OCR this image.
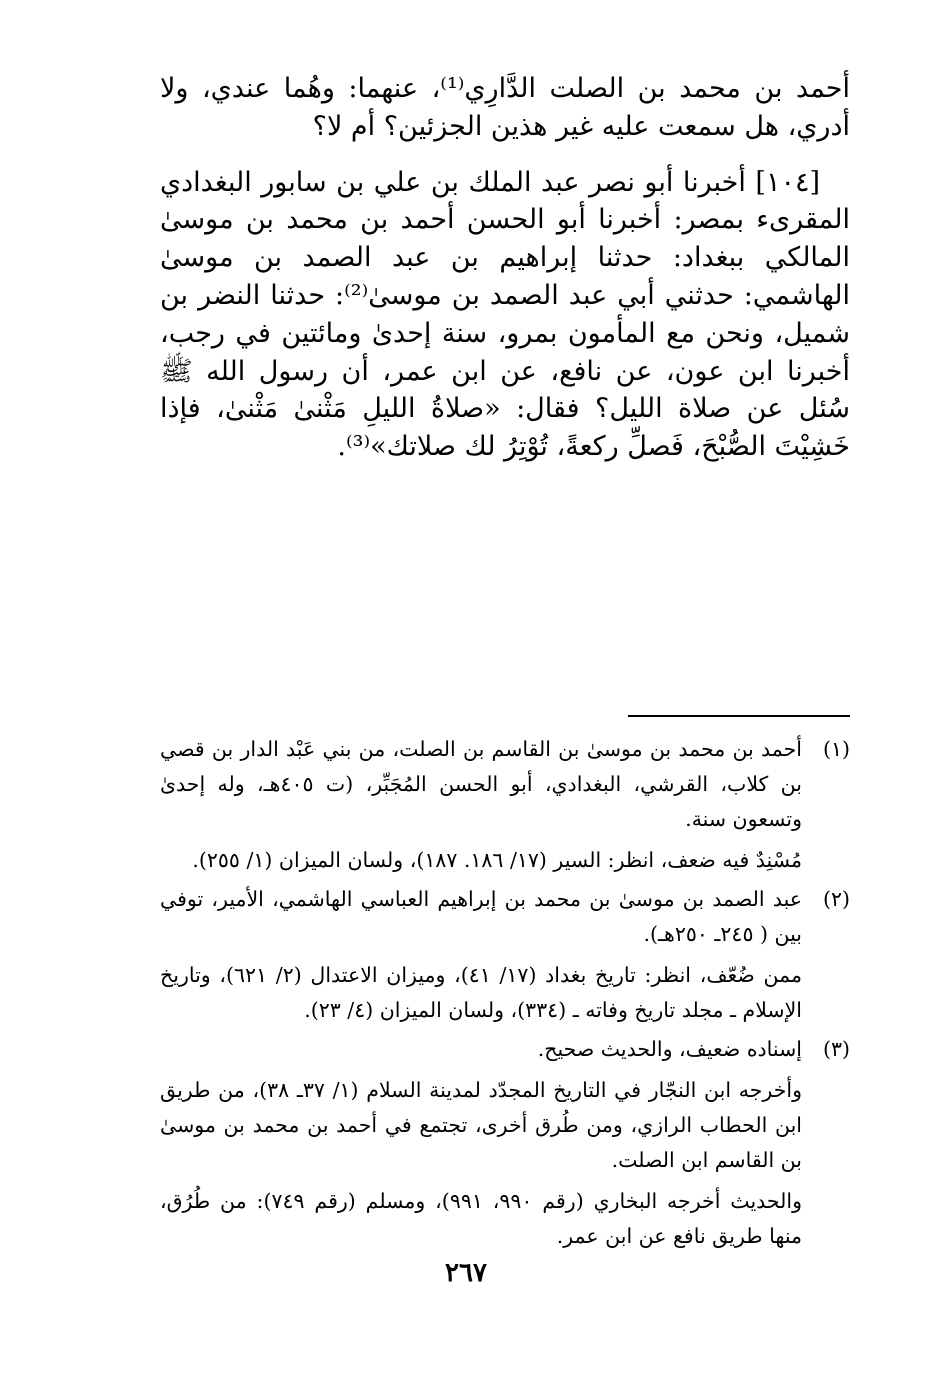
أحمد بن محمد بن الصلت الدَّارِي⁽¹⁾، عنهما: وهُما عندي، ولا أدري، هل سمعت عليه غير هذين الجزئين؟ أم لا؟

[١٠٤] أخبرنا أبو نصر عبد الملك بن علي بن سابور البغدادي المقرىء بمصر: أخبرنا أبو الحسن أحمد بن محمد بن موسىٰ المالكي ببغداد: حدثنا إبراهيم بن عبد الصمد بن موسىٰ الهاشمي: حدثني أبي عبد الصمد بن موسىٰ⁽²⁾: حدثنا النضر بن شميل، ونحن مع المأمون بمرو، سنة إحدىٰ ومائتين في رجب، أخبرنا ابن عون، عن نافع، عن ابن عمر، أن رسول الله ﷺ سُئل عن صلاة الليل؟ فقال: «صلاةُ الليلِ مَثْنىٰ مَثْنىٰ، فإذا خَشِيْتَ الصُّبْحَ، فَصلِّ ركعةً، تُوْتِرُ لك صلاتك»⁽³⁾.

(١)

أحمد بن محمد بن موسىٰ بن القاسم بن الصلت، من بني عَبْد الدار بن قصي بن كلاب، القرشي، البغدادي، أبو الحسن المُجَبِّر، (ت ٤٠٥هـ، وله إحدىٰ وتسعون سنة.

مُسْنِدٌ فيه ضعف، انظر: السير (١٧/ ١٨٦. ١٨٧)، ولسان الميزان (١/ ٢٥٥).

(٢)

عبد الصمد بن موسىٰ بن محمد بن إبراهيم العباسي الهاشمي، الأمير، توفي بين ( ٢٤٥ـ ٢٥٠هـ).

ممن ضُعّف، انظر: تاريخ بغداد (١٧/ ٤١)، وميزان الاعتدال (٢/ ٦٢١)، وتاريخ الإسلام ـ مجلد تاريخ وفاته ـ (٣٣٤)، ولسان الميزان (٤/ ٢٣).

(٣)

إسناده ضعيف، والحديث صحيح.

وأخرجه ابن النجّار في التاريخ المجدّد لمدينة السلام (١/ ٣٧ـ ٣٨)، من طريق ابن الحطاب الرازي، ومن طُرق أخرى، تجتمع في أحمد بن محمد بن موسىٰ بن القاسم ابن الصلت.

والحديث أخرجه البخاري (رقم ٩٩٠، ٩٩١)، ومسلم (رقم ٧٤٩): من طُرُق، منها طريق نافع عن ابن عمر.

٢٦٧
